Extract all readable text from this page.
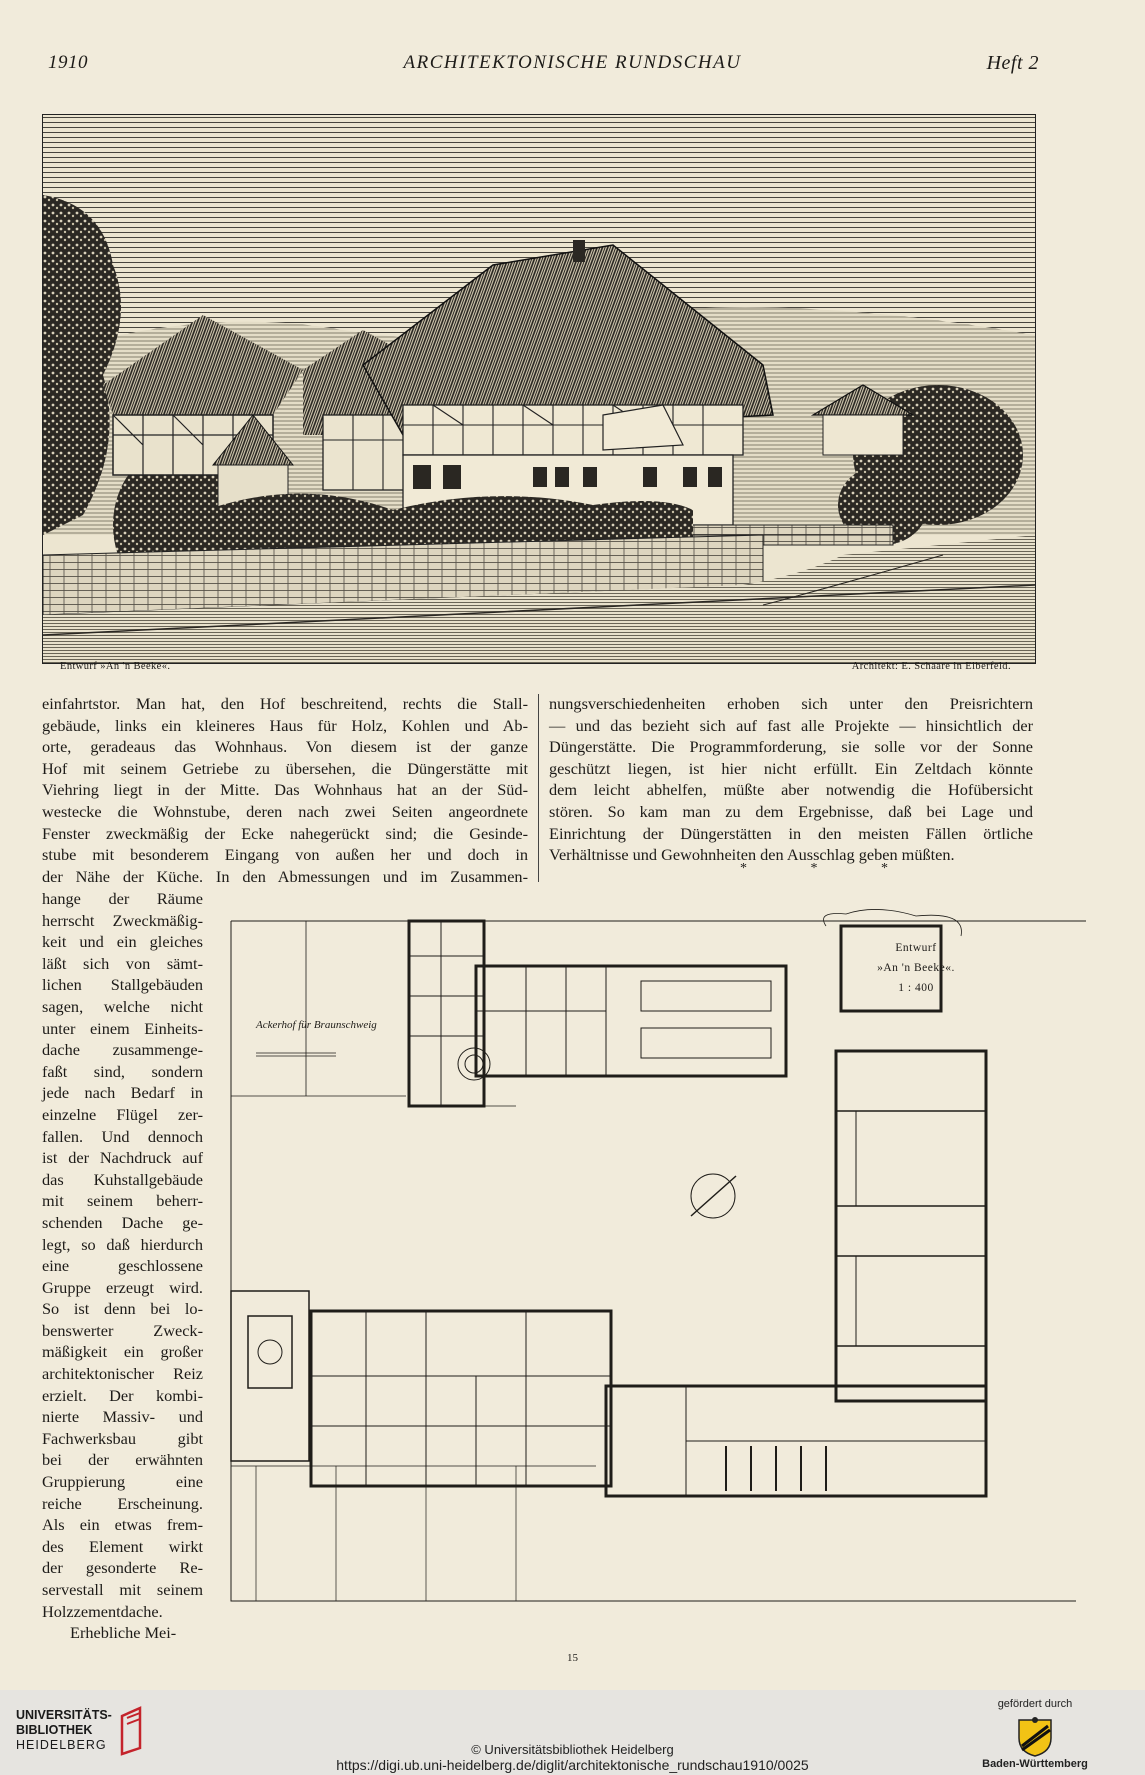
ARCHITEKTONISCHE RUNDSCHAU
1910	Heft 2
Entwurf »An 'n Beeke«.	Architekt: E. Schaare in Elberfeld.
einfahrtstor. Man hat, den Hof beschreitend, rechts die Stall-
gebäude, links ein kleineres Haus für Holz, Kohlen und Ab-
orte, geradeaus das Wohnhaus. Von diesem ist der ganze
Hof mit seinem Getriebe zu übersehen, die Düngerstätte mit
Viehring liegt in der Mitte. Das Wohnhaus hat an der Süd-
westecke die Wohnstube, deren nach zwei Seiten angeordnete
Fenster zweckmäßig der Ecke nahegerückt sind; die Gesinde-
stube mit besonderem Eingang von außen her und doch in
der Nähe der Küche. In den Abmessungen und im Zusammen-
nungsverschiedenheiten erhoben sich unter den Preisrichtern
— und das bezieht sich auf fast alle Projekte — hinsichtlich der
Düngerstätte. Die Programmforderung, sie solle vor der Sonne
geschützt liegen, ist hier nicht erfüllt. Ein Zeltdach könnte
dem leicht abhelfen, müßte aber notwendig die Hofübersicht
stören. So kam man zu dem Ergebnisse, daß bei Lage und
Einrichtung der Düngerstätten in den meisten Fällen örtliche
Verhältnisse und Gewohnheiten den Ausschlag geben müßten.
* * *
hange der Räume
herrscht Zweckmäßig-
keit und ein gleiches
läßt sich von sämt-
lichen Stallgebäuden
sagen, welche nicht
unter einem Einheits-
dache zusammenge-
faßt sind, sondern
jede nach Bedarf in
einzelne Flügel zer-
fallen. Und dennoch
ist der Nachdruck auf
das Kuhstallgebäude
mit seinem beherr-
schenden Dache ge-
legt, so daß hierdurch
eine geschlossene
Gruppe erzeugt wird.
So ist denn bei lo-
benswerter Zweck-
mäßigkeit ein großer
architektonischer Reiz
erzielt. Der kombi-
nierte Massiv- und
Fachwerksbau gibt
bei der erwähnten
Gruppierung eine
reiche Erscheinung.
Als ein etwas frem-
des Element wirkt
der gesonderte Re-
servestall mit seinem
Holzzementdache.
Erhebliche Mei-
Ackerhof für Braunschweig
Entwurf
»An 'n Beeke«.
1 : 400
15
UNIVERSITÄTS-
BIBLIOTHEK
HEIDELBERG	© Universitätsbibliothek Heidelberg
https://digi.ub.uni-heidelberg.de/diglit/architektonische_rundschau1910/0025
gefördert durch
Baden-Württemberg
